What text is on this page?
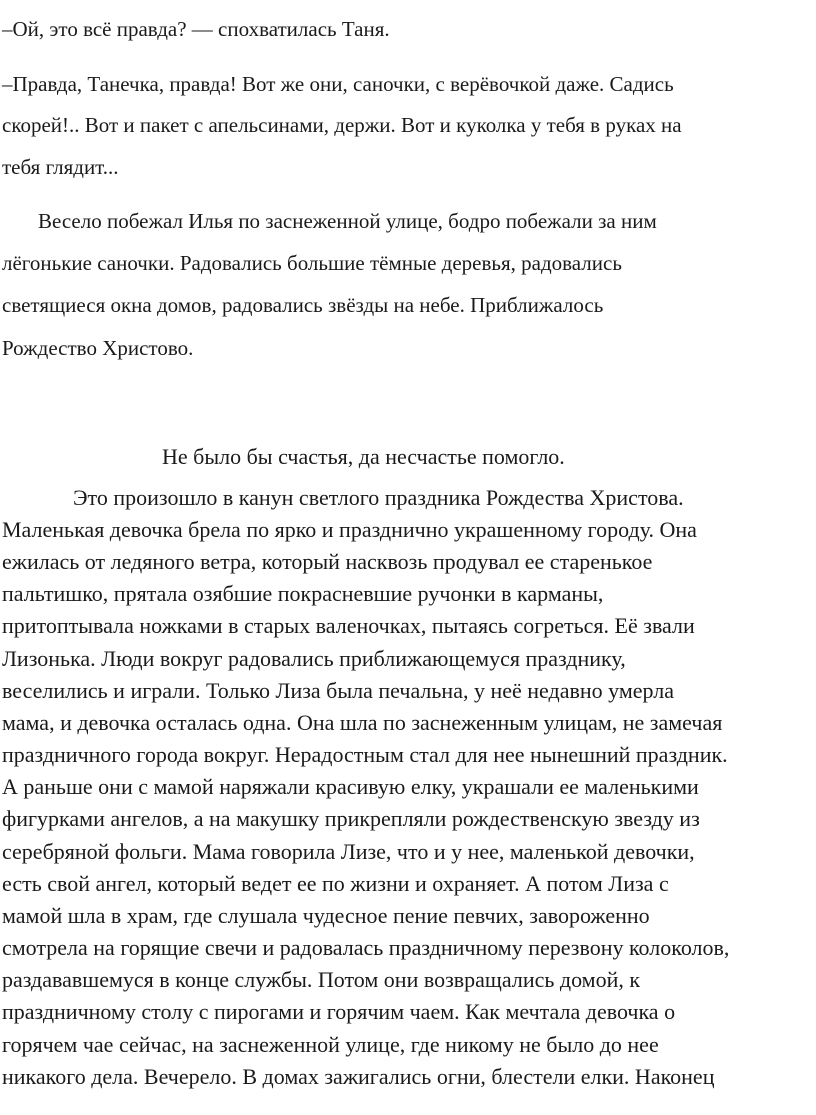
–Ой, это всё правда? — спохватилась Таня.

–Правда, Танечка, правда! Вот же они, саночки, с верёвочкой даже. Садись

скорей!.. Вот и пакет с апельсинами, держи. Вот и куколка у тебя в руках на

тебя глядит...

Весело побежал Илья по заснеженной улице, бодро побежали за ним

лёгонькие саночки. Радовались большие тёмные деревья, радовались

светящиеся окна домов, радовались звёзды на небе. Приближалось

Рождество Христово.

Не было бы счастья, да несчастье помогло.

Это произошло в канун светлого праздника Рождества Христова.

Маленькая девочка брела по ярко и празднично украшенному городу. Она

ежилась от ледяного ветра, который насквозь продувал ее старенькое

пальтишко, прятала озябшие покрасневшие ручонки в карманы,

притоптывала ножками в старых валеночках, пытаясь согреться. Её звали

Лизонька. Люди вокруг радовались приближающемуся празднику,

веселились и играли. Только Лиза была печальна, у неё недавно умерла

мама, и девочка осталась одна. Она шла по заснеженным улицам, не замечая

праздничного города вокруг. Нерадостным стал для нее нынешний праздник.

А раньше они с мамой наряжали красивую елку, украшали ее маленькими

фигурками ангелов, а на макушку прикрепляли рождественскую звезду из

серебряной фольги. Мама говорила Лизе, что и у нее, маленькой девочки,

есть свой ангел, который ведет ее по жизни и охраняет. А потом Лиза с

мамой шла в храм, где слушала чудесное пение певчих, завороженно

смотрела на горящие свечи и радовалась праздничному перезвону колоколов,

раздававшемуся в конце службы. Потом они возвращались домой, к

праздничному столу с пирогами и горячим чаем. Как мечтала девочка о

горячем чае сейчас, на заснеженной улице, где никому не было до нее

никакого дела. Вечерело. В домах зажигались огни, блестели елки. Наконец
